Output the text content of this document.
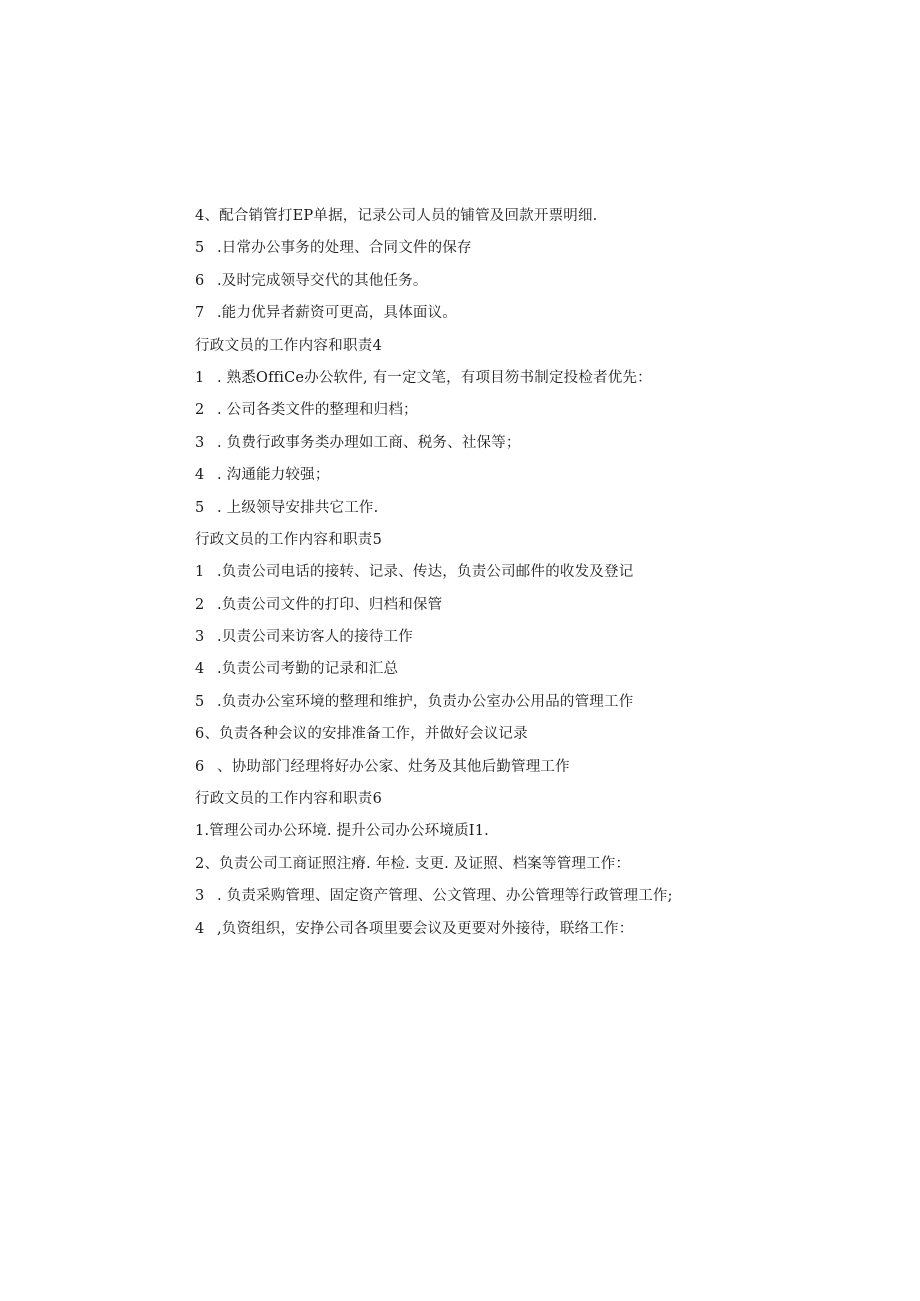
4、配合销管打EP单据，记录公司人员的铺管及回款开票明细.
5 .日常办公事务的处理、合同文件的保存
6 .及时完成领导交代的其他任务。
7 .能力优异者薪资可更高，具体面议。
行政文员的工作内容和职责4
1 . 熟悉OffiCe办公软件, 有一定文笔，有项目笏书制定投检者优先：
2 . 公司各类文件的整理和归档；
3 . 负费行政事务类办理如工商、税务、社保等；
4 . 沟通能力较强；
5 . 上级领导安排共它工作.
行政文员的工作内容和职责5
1 .负责公司电话的接转、记录、传达，负责公司邮件的收发及登记
2 .负责公司文件的打印、归档和保管
3 .贝责公司来访客人的接待工作
4 .负责公司考勤的记录和汇总
5 .负责办公室环境的整理和维护，负责办公室办公用品的管理工作
6、负责各种会议的安排准备工作，并做好会议记录
6 、协助部门经理将好办公家、灶务及其他后勤管理工作
行政文员的工作内容和职责6
1.管理公司办公环境. 提升公司办公环境质I1.
2、负责公司工商证照注瘠. 年检. 支更. 及证照、档案等管理工作：
3 . 负责采购管理、固定资产管理、公文管理、办公管理等行政管理工作;
4 ,负资组织，安挣公司各项里要会议及更要对外接待，联络工作：
